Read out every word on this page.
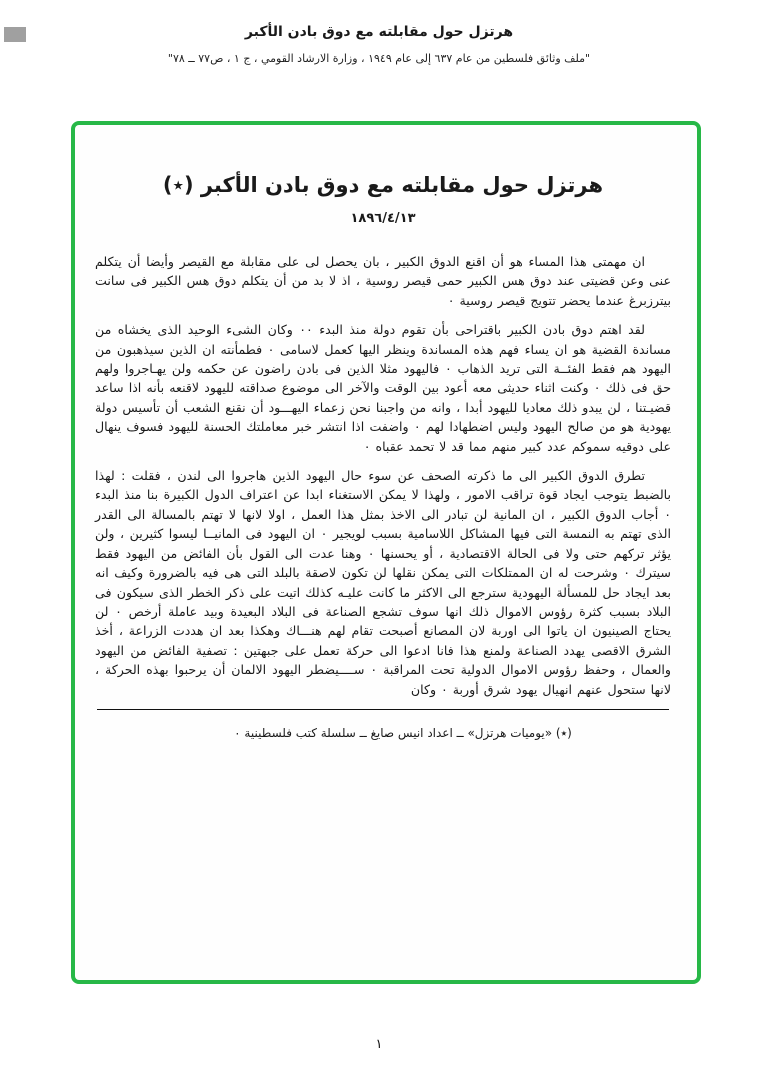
هرتزل حول مقابلته مع دوق بادن الأكبر
"ملف وثائق فلسطين من عام ٦٣٧ إلى عام ١٩٤٩ ، وزارة الارشاد القومي ، ج ١ ، ص٧٧ ــ ٧٨"
هرتزل حول مقابلته مع دوق بادن الأكبر (٭)
١٨٩٦/٤/١٣

ان مهمتى هذا المساء هو أن اقنع الدوق الكبير ، بان يحصل لى على مقابلة مع القيصر وأيضا أن يتكلم عنى وعن قضيتى عند دوق هس الكبير حمى قيصر روسية ، اذ لا بد من أن يتكلم دوق هس الكبير فى سانت بيترزبرغ عندما يحضر تتويج قيصر روسية ٠

لقد اهتم دوق بادن الكبير باقتراحى بأن تقوم دولة منذ البدء ٠٠ وكان الشىء الوحيد الذى يخشاه من مساندة القضية هو ان يساء فهم هذه المساندة وينظر اليها كعمل لاسامى ٠ فطمأنته ان الذين سيذهبون من اليهود هم فقط الفئــة التى تريد الذهاب ٠ فاليهود مثلا الذين فى بادن راضون عن حكمه ولن يهـاجروا ولهم حق فى ذلك ٠ وكنت اثناء حديثى معه أعود بين الوقت والآخر الى موضوع صداقته لليهود لاقنعه بأنه اذا ساعد قضيـتنا ، لن يبدو ذلك معاديا لليهود أبدا ، وانه من واجبنا نحن زعماء اليهـــود أن نقنع الشعب أن تأسيس دولة يهودية هو من صالح اليهود وليس اضطهادا لهم ٠ واضفت اذا انتشر خبر معاملتك الحسنة لليهود فسوف ينهال على دوقيه سموكم عدد كبير منهم مما قد لا تحمد عقباه ٠

تطرق الدوق الكبير الى ما ذكرته الصحف عن سوء حال اليهود الذين هاجروا الى لندن ، فقلت : لهذا بالضبط يتوجب ايجاد قوة تراقب الامور ، ولهذا لا يمكن الاستغناء ابدا عن اعتراف الدول الكبيرة بنا منذ البدء ٠ أجاب الدوق الكبير ، ان المانية لن تبادر الى الاخذ بمثل هذا العمل ، اولا لانها لا تهتم بالمسالة الى القدر الذى تهتم به النمسة التى فيها المشاكل اللاسامية بسبب لويجير ٠ ان اليهود فى المانيــا ليسوا كثيرين ، ولن يؤثر تركهم حتى ولا فى الحالة الاقتصادية ، أو يحسنها ٠ وهنا عدت الى القول بأن الفائض من اليهود فقط سيترك ٠ وشرحت له ان الممتلكات التى يمكن نقلها لن تكون لاصقة بالبلد التى هى فيه بالضرورة وكيف انه بعد ايجاد حل للمسألة اليهودية سترجع الى الاكثر ما كانت عليـه كذلك اتيت على ذكر الخطر الذى سيكون فى البلاد بسبب كثرة رؤوس الاموال ذلك انها سوف تشجع الصناعة فى البلاد البعيدة وبيد عاملة أرخص ٠ لن يحتاج الصينيون ان ياتوا الى اوربة لان المصانع أصبحت تقام لهم هنـــاك وهكذا بعد ان هددت الزراعة ، أخذ الشرق الاقصى يهدد الصناعة ولمنع هذا فانا ادعوا الى حركة تعمل على جبهتين : تصفية الفائض من اليهود والعمال ، وحفظ رؤوس الاموال الدولية تحت المراقبة ٠ ســــيضطر اليهود الالمان أن يرحبوا بهذه الحركة ، لانها ستحول عنهم انهيال يهود شرق أوربة ٠ وكان

(٭) «يوميات هرتزل» ــ اعداد انيس صايغ ــ سلسلة كتب فلسطينية ٠
١
